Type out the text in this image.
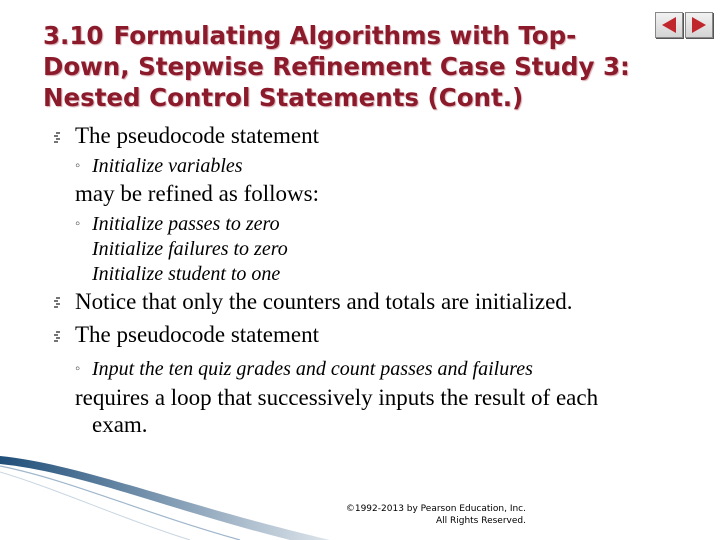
3.10 Formulating Algorithms with Top-Down, Stepwise Refinement Case Study 3: Nested Control Statements (Cont.)
The pseudocode statement
◦ Initialize variables
may be refined as follows:
◦ Initialize passes to zero
Initialize failures to zero
Initialize student to one
Notice that only the counters and totals are initialized.
The pseudocode statement
◦ Input the ten quiz grades and count passes and failures
requires a loop that successively inputs the result of each
exam.
©1992-2013 by Pearson Education, Inc.
All Rights Reserved.
